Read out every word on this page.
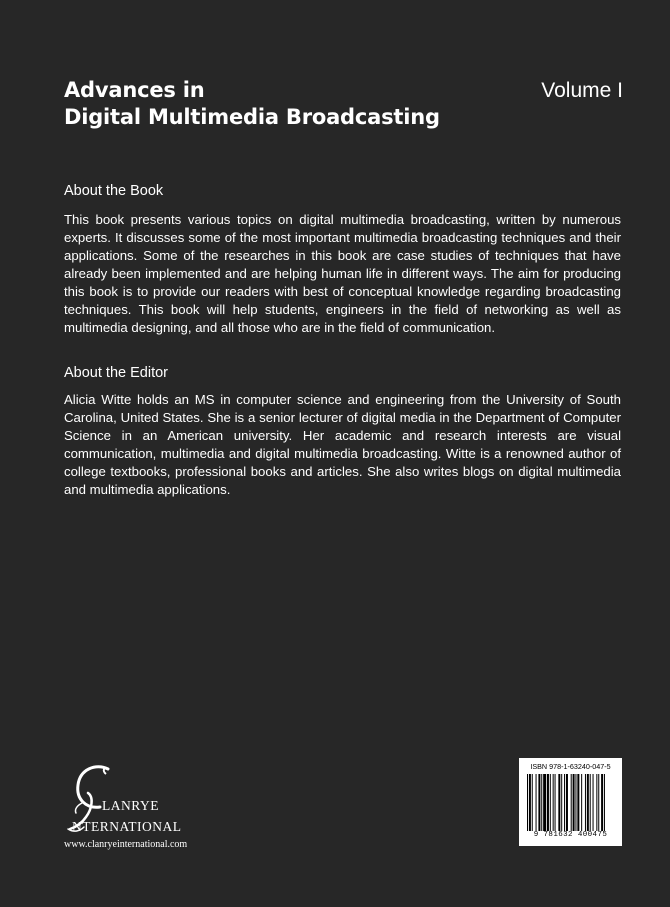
Advances in
Digital Multimedia Broadcasting
Volume I
About the Book

This book presents various topics on digital multimedia broadcasting, written by numerous experts. It discusses some of the most important multimedia broadcasting techniques and their applications. Some of the researches in this book are case studies of techniques that have already been implemented and are helping human life in different ways. The aim for producing this book is to provide our readers with best of conceptual knowledge regarding broadcasting techniques. This book will help students, engineers in the field of networking as well as multimedia designing, and all those who are in the field of communication.

About the Editor

Alicia Witte holds an MS in computer science and engineering from the University of South Carolina, United States. She is a senior lecturer of digital media in the Department of Computer Science in an American university. Her academic and research interests are visual communication, multimedia and digital multimedia broadcasting. Witte is a renowned author of college textbooks, professional books and articles. She also writes blogs on digital multimedia and multimedia applications.

LANRYE
NTERNATIONAL
www.clanryeinternational.com
ISBN 978-1-63240-047-5
9 781632 400475
